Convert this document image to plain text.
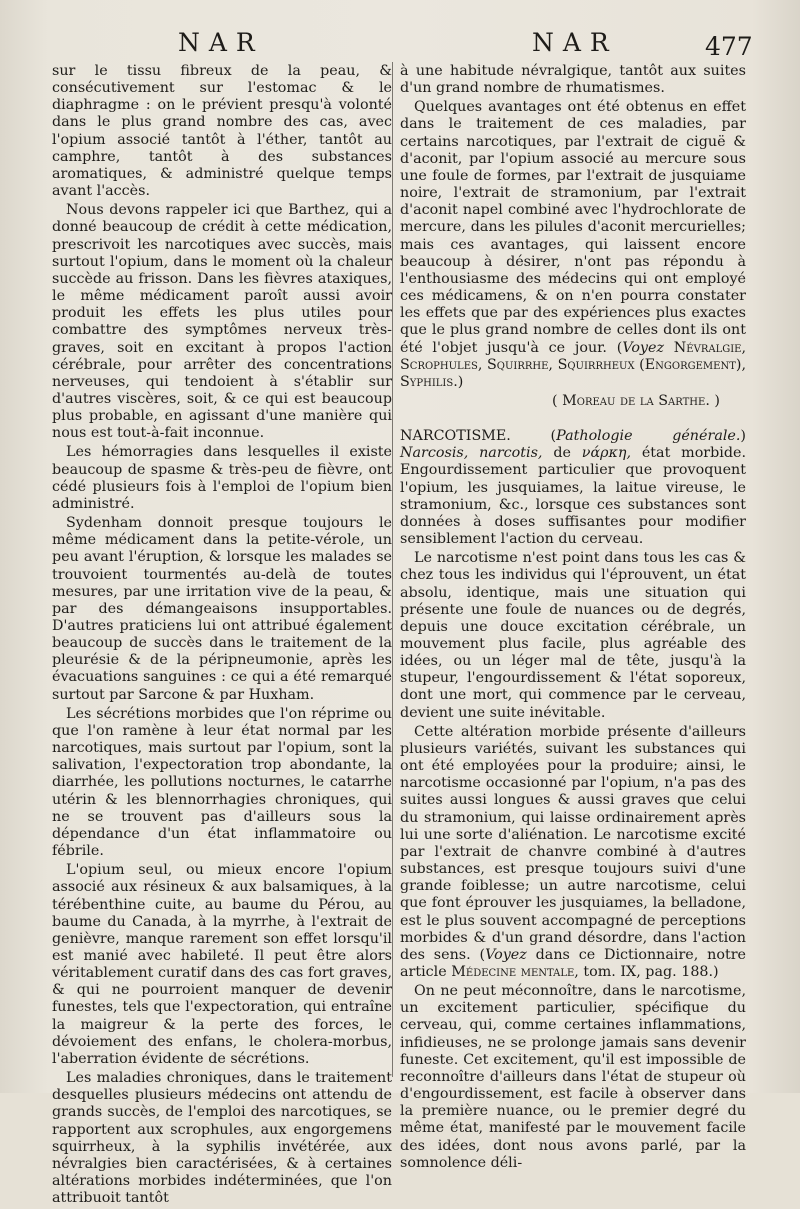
NAR	NAR	477

sur le tissu fibreux de la peau, & consécutivement sur l'estomac & le diaphragme : on le prévient presqu'à volonté dans le plus grand nombre des cas, avec l'opium associé tantôt à l'éther, tantôt au camphre, tantôt à des substances aromatiques, & administré quelque temps avant l'accès.

Nous devons rappeler ici que Barthez, qui a donné beaucoup de crédit à cette médication, prescrivoit les narcotiques avec succès, mais surtout l'opium, dans le moment où la chaleur succède au frisson. Dans les fièvres ataxiques, le même médicament paroît aussi avoir produit les effets les plus utiles pour combattre des symptômes nerveux très-graves, soit en excitant à propos l'action cérébrale, pour arrêter des concentrations nerveuses, qui tendoient à s'établir sur d'autres viscères, soit, & ce qui est beaucoup plus probable, en agissant d'une manière qui nous est tout-à-fait inconnue.

Les hémorragies dans lesquelles il existe beaucoup de spasme & très-peu de fièvre, ont cédé plusieurs fois à l'emploi de l'opium bien administré.

Sydenham donnoit presque toujours le même médicament dans la petite-vérole, un peu avant l'éruption, & lorsque les malades se trouvoient tourmentés au-delà de toutes mesures, par une irritation vive de la peau, & par des démangeaisons insupportables. D'autres praticiens lui ont attribué également beaucoup de succès dans le traitement de la pleurésie & de la péripneumonie, après les évacuations sanguines : ce qui a été remarqué surtout par Sarcone & par Huxham.

Les sécrétions morbides que l'on réprime ou que l'on ramène à leur état normal par les narcotiques, mais surtout par l'opium, sont la salivation, l'expectoration trop abondante, la diarrhée, les pollutions nocturnes, le catarrhe utérin & les blennorrhagies chroniques, qui ne se trouvent pas d'ailleurs sous la dépendance d'un état inflammatoire ou fébrile.

L'opium seul, ou mieux encore l'opium associé aux résineux & aux balsamiques, à la térébenthine cuite, au baume du Pérou, au baume du Canada, à la myrrhe, à l'extrait de genièvre, manque rarement son effet lorsqu'il est manié avec habileté. Il peut être alors véritablement curatif dans des cas fort graves, & qui ne pourroient manquer de devenir funestes, tels que l'expectoration, qui entraîne la maigreur & la perte des forces, le dévoiement des enfans, le cholera-morbus, l'aberration évidente de sécrétions.

Les maladies chroniques, dans le traitement desquelles plusieurs médecins ont attendu de grands succès, de l'emploi des narcotiques, se rapportent aux scrophules, aux engorgemens squirrheux, à la syphilis invétérée, aux névralgies bien caractérisées, & à certaines altérations morbides indéterminées, que l'on attribuoit tantôt

à une habitude névralgique, tantôt aux suites d'un grand nombre de rhumatismes.

Quelques avantages ont été obtenus en effet dans le traitement de ces maladies, par certains narcotiques, par l'extrait de ciguë & d'aconit, par l'opium associé au mercure sous une foule de formes, par l'extrait de jusquiame noire, l'extrait de stramonium, par l'extrait d'aconit napel combiné avec l'hydrochlorate de mercure, dans les pilules d'aconit mercurielles; mais ces avantages, qui laissent encore beaucoup à désirer, n'ont pas répondu à l'enthousiasme des médecins qui ont employé ces médicamens, & on n'en pourra constater les effets que par des expériences plus exactes que le plus grand nombre de celles dont ils ont été l'objet jusqu'à ce jour. (Voyez Névralgie, Scrophules, Squirrhe, Squirrheux (Engorgement), Syphilis.)

( Moreau de la Sarthe. )

NARCOTISME.	(Pathologie générale.) Narcosis, narcotis, de νάρκη, état morbide. Engourdissement particulier que provoquent l'opium, les jusquiames, la laitue vireuse, le stramonium, &c., lorsque ces substances sont données à doses suffisantes pour modifier sensiblement l'action du cerveau.

Le narcotisme n'est point dans tous les cas & chez tous les individus qui l'éprouvent, un état absolu, identique, mais une situation qui présente une foule de nuances ou de degrés, depuis une douce excitation cérébrale, un mouvement plus facile, plus agréable des idées, ou un léger mal de tête, jusqu'à la stupeur, l'engourdissement & l'état soporeux, dont une mort, qui commence par le cerveau, devient une suite inévitable.

Cette altération morbide présente d'ailleurs plusieurs variétés, suivant les substances qui ont été employées pour la produire; ainsi, le narcotisme occasionné par l'opium, n'a pas des suites aussi longues & aussi graves que celui du stramonium, qui laisse ordinairement après lui une sorte d'aliénation. Le narcotisme excité par l'extrait de chanvre combiné à d'autres substances, est presque toujours suivi d'une grande foiblesse; un autre narcotisme, celui que font éprouver les jusquiames, la belladone, est le plus souvent accompagné de perceptions morbides & d'un grand désordre, dans l'action des sens. (Voyez dans ce Dictionnaire, notre article Médecine mentale, tom. IX, pag. 188.)

On ne peut méconnoître, dans le narcotisme, un excitement particulier, spécifique du cerveau, qui, comme certaines inflammations, infidieuses, ne se prolonge jamais sans devenir funeste. Cet excitement, qu'il est impossible de reconnoître d'ailleurs dans l'état de stupeur où d'engourdissement, est facile à observer dans la première nuance, ou le premier degré du même état, manifesté par le mouvement facile des idées, dont nous avons parlé, par la somnolence déli-
